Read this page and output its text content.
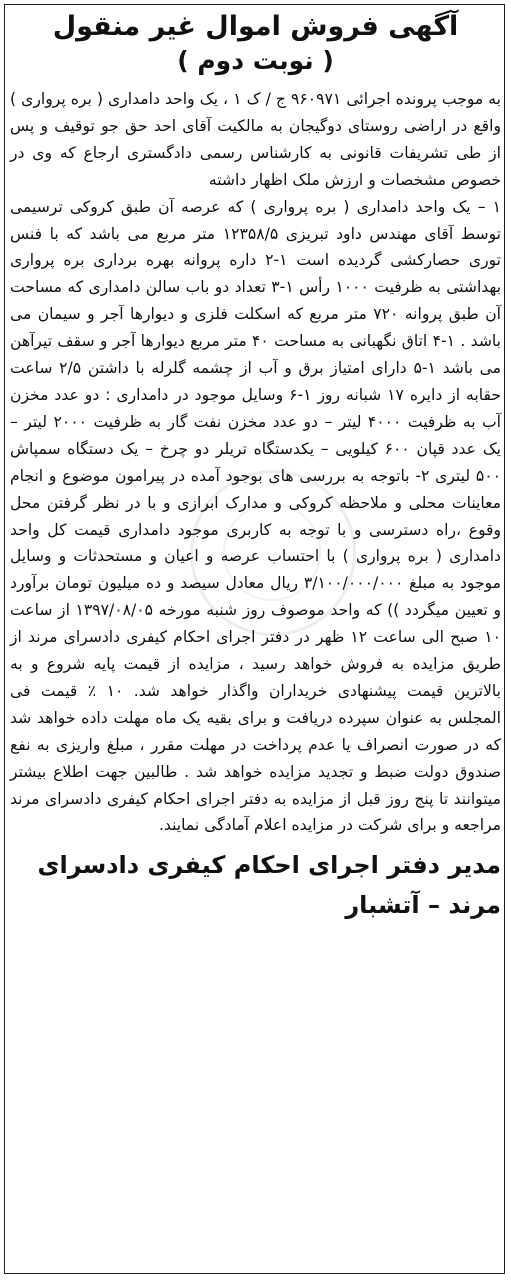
آگهی فروش اموال غیر منقول
( نوبت دوم )

به موجب پرونده اجرائی ۹۶۰۹۷۱ ج / ک ۱ ، یک واحد دامداری ( بره پرواری ) واقع در اراضی روستای دوگیجان به مالکیت آقای احد حق جو توقیف و پس از طی تشریفات قانونی به کارشناس رسمی دادگستری ارجاع که وی در خصوص مشخصات و ارزش ملک اظهار داشته

۱ – یک واحد دامداری ( بره پرواری ) که عرصه آن طبق کروکی ترسیمی توسط آقای مهندس داود تبریزی ۱۲۳۵۸/۵ متر مربع می باشد که با فنس توری حصارکشی گردیده است ۱-۲ داره پروانه بهره برداری بره پرواری بهداشتی به ظرفیت ۱۰۰۰ رأس ۱-۳ تعداد دو باب سالن دامداری که مساحت آن طبق پروانه ۷۲۰ متر مربع که اسکلت فلزی و دیوارها آجر و سیمان می باشد . ۱-۴ اتاق نگهبانی به مساحت ۴۰ متر مربع دیوارها آجر و سقف تیرآهن می باشد ۱-۵ دارای امتیاز برق و آب از چشمه گلرله با داشتن ۲/۵ ساعت حقابه از دایره ۱۷ شبانه روز ۱-۶ وسایل موجود در دامداری : دو عدد مخزن آب به ظرفیت ۴۰۰۰ لیتر – دو عدد مخزن نفت گار به ظرفیت ۲۰۰۰ لیتر – یک عدد قپان ۶۰۰ کیلویی – یکدستگاه تریلر دو چرخ – یک دستگاه سمپاش ۵۰۰ لیتری ۲- باتوجه به بررسی های بوجود آمده در پیرامون موضوع و انجام معاینات محلی و ملاحظه کروکی و مدارک ابرازی و با در نظر گرفتن محل وقوع ،راه دسترسی و با توجه به کاربری موجود دامداری قیمت کل واحد دامداری ( بره پرواری ) با احتساب عرصه و اعیان و مستحدثات و وسایل موجود به مبلغ ۳/۱۰۰/۰۰۰/۰۰۰ ریال معادل سیصد و ده میلیون تومان برآورد و تعیین میگردد )) که واحد موصوف روز شنبه مورخه ۱۳۹۷/۰۸/۰۵ از ساعت ۱۰ صبح الی ساعت ۱۲ ظهر در دفتر اجرای احکام کیفری دادسرای مرند از طریق مزایده به فروش خواهد رسید ، مزایده از قیمت پایه شروع و به بالاترین قیمت پیشنهادی خریداران واگذار خواهد شد. ۱۰ ٪ قیمت فی المجلس به عنوان سپرده دریافت و برای بقیه یک ماه مهلت داده خواهد شد که در صورت انصراف یا عدم پرداخت در مهلت مقرر ، مبلغ واریزی به نفع صندوق دولت ضبط و تجدید مزایده خواهد شد . طالبین جهت اطلاع بیشتر میتوانند تا پنج روز قبل از مزایده به دفتر اجرای احکام کیفری دادسرای مرند مراجعه و برای شرکت در مزایده اعلام آمادگی نمایند.

مدیر دفتر اجرای احکام کیفری دادسرای مرند – آتشبار
